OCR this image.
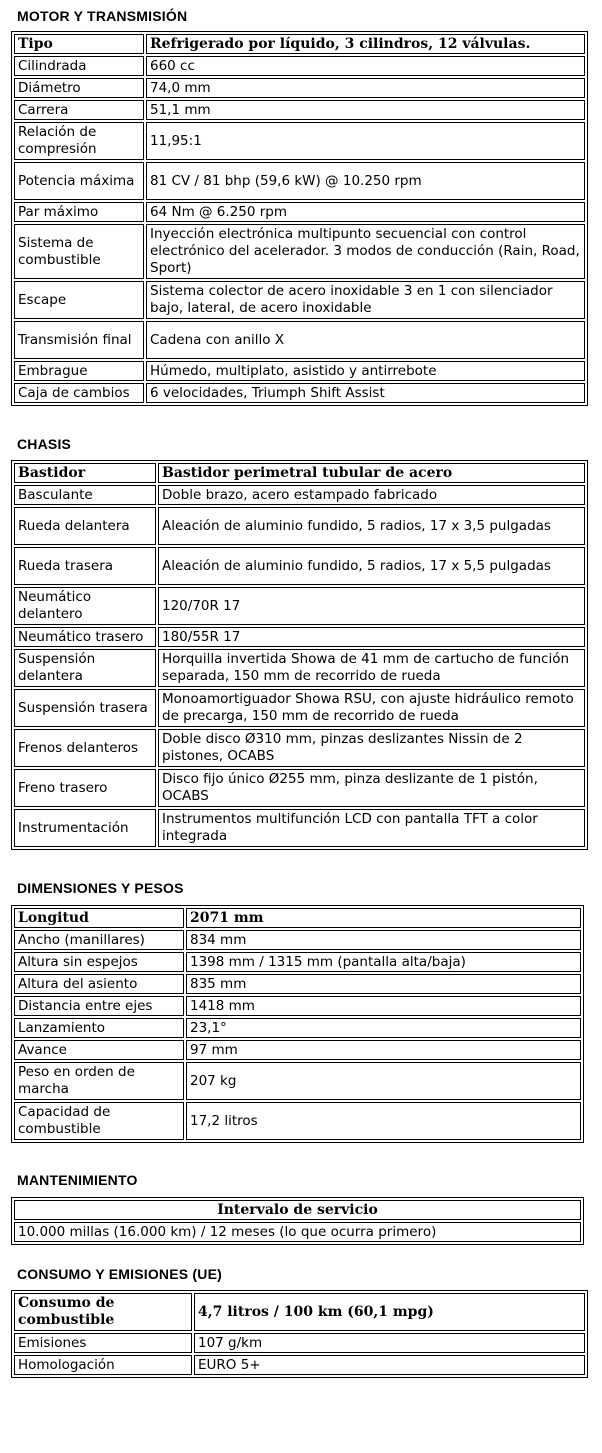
MOTOR Y TRANSMISIÓN
Tipo	Refrigerado por líquido, 3 cilindros, 12 válvulas.
Cilindrada	660 cc
Diámetro	74,0 mm
Carrera	51,1 mm
Relación de compresión	11,95:1
Potencia máxima	81 CV / 81 bhp (59,6 kW) @ 10.250 rpm
Par máximo	64 Nm @ 6.250 rpm
Sistema de combustible	Inyección electrónica multipunto secuencial con control electrónico del acelerador. 3 modos de conducción (Rain, Road, Sport)
Escape	Sistema colector de acero inoxidable 3 en 1 con silenciador bajo, lateral, de acero inoxidable
Transmisión final	Cadena con anillo X
Embrague	Húmedo, multiplato, asistido y antirrebote
Caja de cambios	6 velocidades, Triumph Shift Assist
CHASIS
Bastidor	Bastidor perimetral tubular de acero
Basculante	Doble brazo, acero estampado fabricado
Rueda delantera	Aleación de aluminio fundido, 5 radios, 17 x 3,5 pulgadas
Rueda trasera	Aleación de aluminio fundido, 5 radios, 17 x 5,5 pulgadas
Neumático delantero	120/70R 17
Neumático trasero	180/55R 17
Suspensión delantera	Horquilla invertida Showa de 41 mm de cartucho de función separada, 150 mm de recorrido de rueda
Suspensión trasera	Monoamortiguador Showa RSU, con ajuste hidráulico remoto de precarga, 150 mm de recorrido de rueda
Frenos delanteros	Doble disco Ø310 mm, pinzas deslizantes Nissin de 2 pistones, OCABS
Freno trasero	Disco fijo único Ø255 mm, pinza deslizante de 1 pistón, OCABS
Instrumentación	Instrumentos multifunción LCD con pantalla TFT a color integrada
DIMENSIONES Y PESOS
Longitud	2071 mm
Ancho (manillares)	834 mm
Altura sin espejos	1398 mm / 1315 mm (pantalla alta/baja)
Altura del asiento	835 mm
Distancia entre ejes	1418 mm
Lanzamiento	23,1°
Avance	97 mm
Peso en orden de marcha	207 kg
Capacidad de combustible	17,2 litros
MANTENIMIENTO
Intervalo de servicio
10.000 millas (16.000 km) / 12 meses (lo que ocurra primero)
CONSUMO Y EMISIONES (UE)
Consumo de combustible	4,7 litros / 100 km (60,1 mpg)
Emisiones	107 g/km
Homologación	EURO 5+
